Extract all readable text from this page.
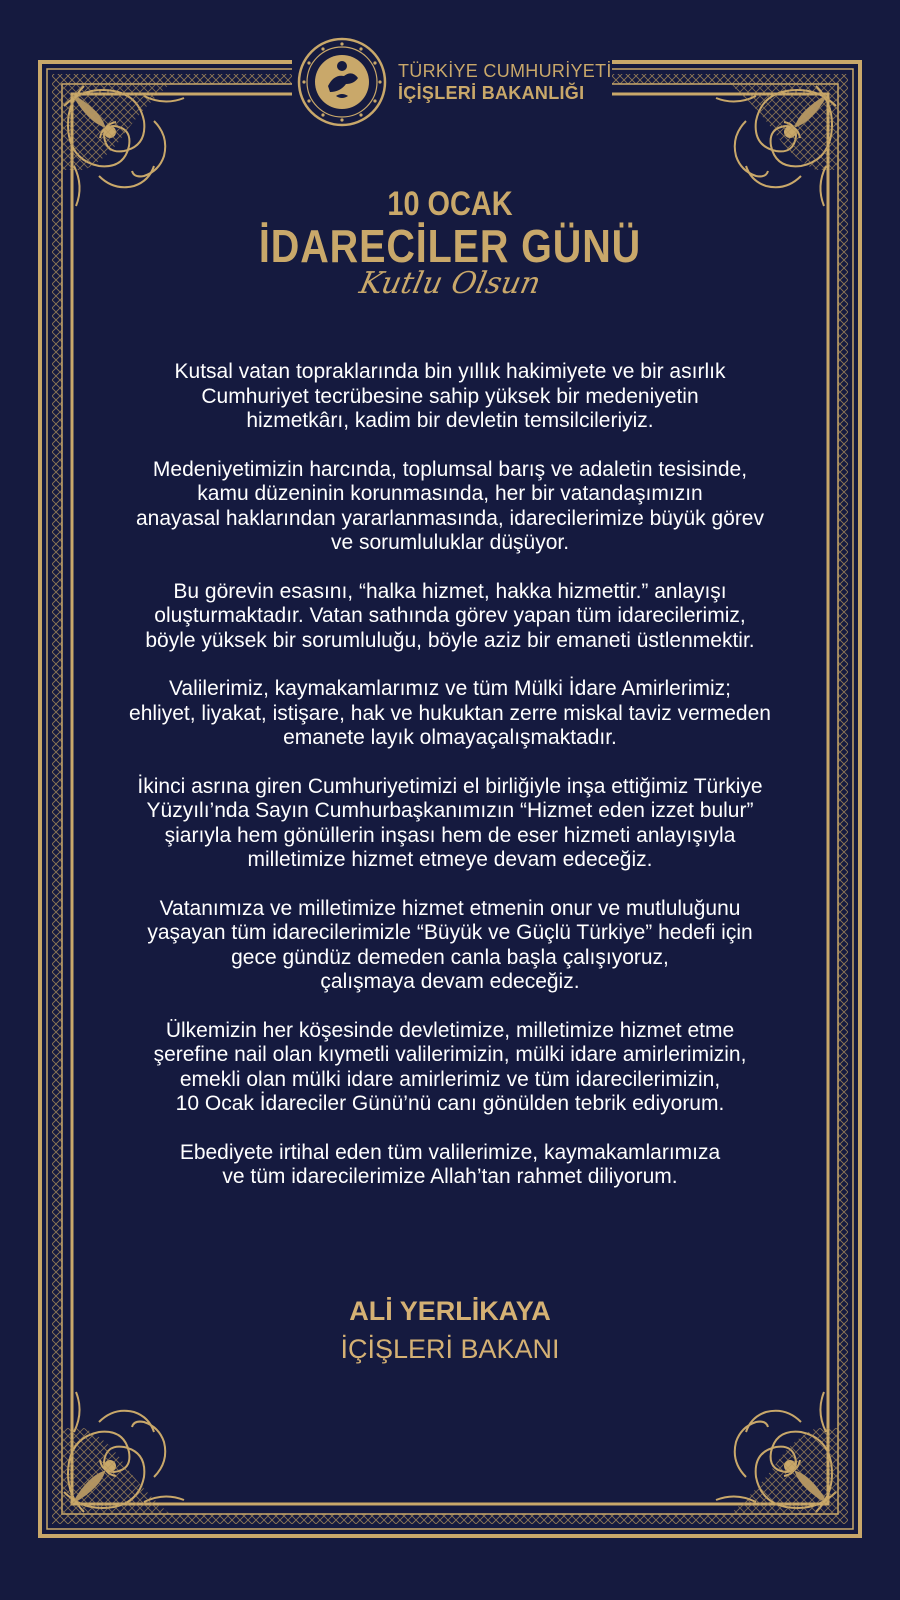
TÜRKİYE CUMHURİYETİ
İÇİŞLERİ BAKANLIĞI
10 OCAK
İDARECİLER GÜNÜ
Kutlu Olsun
Kutsal vatan topraklarında bin yıllık hakimiyete ve bir asırlık
Cumhuriyet tecrübesine sahip yüksek bir medeniyetin
hizmetkârı, kadim bir devletin temsilcileriyiz.
Medeniyetimizin harcında, toplumsal barış ve adaletin tesisinde,
kamu düzeninin korunmasında, her bir vatandaşımızın
anayasal haklarından yararlanmasında, idarecilerimize büyük görev
ve sorumluluklar düşüyor.
Bu görevin esasını, “halka hizmet, hakka hizmettir.” anlayışı
oluşturmaktadır. Vatan sathında görev yapan tüm idarecilerimiz,
böyle yüksek bir sorumluluğu, böyle aziz bir emaneti üstlenmektir.
Valilerimiz, kaymakamlarımız ve tüm Mülki İdare Amirlerimiz;
ehliyet, liyakat, istişare, hak ve hukuktan zerre miskal taviz vermeden
emanete layık olmayaçalışmaktadır.
İkinci asrına giren Cumhuriyetimizi el birliğiyle inşa ettiğimiz Türkiye
Yüzyılı’nda Sayın Cumhurbaşkanımızın “Hizmet eden izzet bulur”
şiarıyla hem gönüllerin inşası hem de eser hizmeti anlayışıyla
milletimize hizmet etmeye devam edeceğiz.
Vatanımıza ve milletimize hizmet etmenin onur ve mutluluğunu
yaşayan tüm idarecilerimizle “Büyük ve Güçlü Türkiye” hedefi için
gece gündüz demeden canla başla çalışıyoruz,
çalışmaya devam edeceğiz.
Ülkemizin her köşesinde devletimize, milletimize hizmet etme
şerefine nail olan kıymetli valilerimizin, mülki idare amirlerimizin,
emekli olan mülki idare amirlerimiz ve tüm idarecilerimizin,
10 Ocak İdareciler Günü’nü canı gönülden tebrik ediyorum.
Ebediyete irtihal eden tüm valilerimize, kaymakamlarımıza
ve tüm idarecilerimize Allah’tan rahmet diliyorum.
ALİ YERLİKAYA
İÇİŞLERİ BAKANI
